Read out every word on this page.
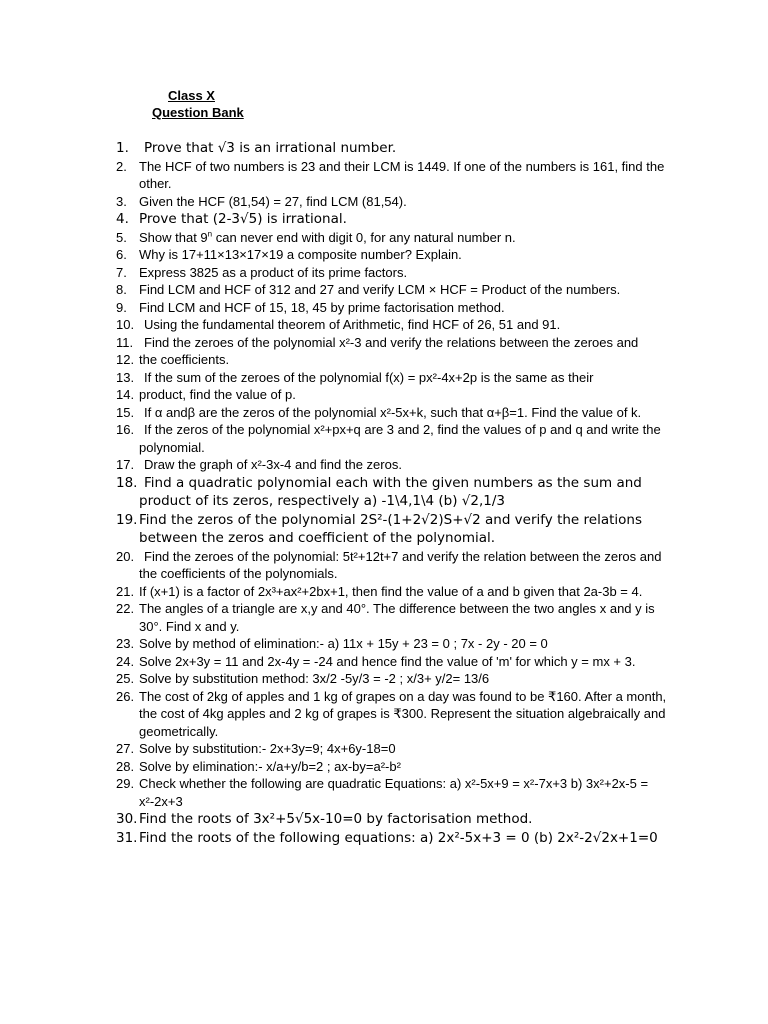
Class X

Question Bank

1. Prove that √3 is an irrational number.
2. The HCF of two numbers is 23 and their LCM is 1449. If one of the numbers is 161, find the other.
3. Given the HCF (81,54) = 27, find LCM (81,54).
4. Prove that (2-3√5) is irrational.
5. Show that 9$^n$ can never end with digit 0, for any natural number n.
6. Why is 17+11×13×17×19 a composite number? Explain.
7. Express 3825 as a product of its prime factors.
8. Find LCM and HCF of 312 and 27 and verify LCM × HCF = Product of the numbers.
9. Find LCM and HCF of 15, 18, 45 by prime factorisation method.
10. Using the fundamental theorem of Arithmetic, find HCF of 26, 51 and 91.
11. Find the zeroes of the polynomial x²-3 and verify the relations between the zeroes and
12. the coefficients.
13. If the sum of the zeroes of the polynomial f(x) = px²-4x+2p is the same as their
14. product, find the value of p.
15. If α andβ are the zeros of the polynomial x²-5x+k, such that α+β=1. Find the value of k.
16. If the zeros of the polynomial x²+px+q are 3 and 2, find the values of p and q and write the polynomial.
17. Draw the graph of x²-3x-4 and find the zeros.
18. Find a quadratic polynomial each with the given numbers as the sum and product of its zeros, respectively a) -1\4,1\4 (b) √2,1/3
19. Find the zeros of the polynomial 2S²-(1+2√2)S+√2 and verify the relations between the zeros and coefficient of the polynomial.
20. Find the zeroes of the polynomial: 5t²+12t+7 and verify the relation between the zeros and the coefficients of the polynomials.
21. If (x+1) is a factor of 2x³+ax²+2bx+1, then find the value of a and b given that 2a-3b = 4.
22. The angles of a triangle are x,y and 40°. The difference between the two angles x and y is 30°. Find x and y.
23. Solve by method of elimination:- a) 11x + 15y + 23 = 0 ; 7x - 2y - 20 = 0
24. Solve 2x+3y = 11 and 2x-4y = -24 and hence find the value of 'm' for which y = mx + 3.
25. Solve by substitution method: 3x/2 -5y/3 = -2 ; x/3+ y/2= 13/6
26. The cost of 2kg of apples and 1 kg of grapes on a day was found to be ₹160. After a month, the cost of 4kg apples and 2 kg of grapes is ₹300. Represent the situation algebraically and geometrically.
27. Solve by substitution:- 2x+3y=9; 4x+6y-18=0
28. Solve by elimination:- x/a+y/b=2 ; ax-by=a²-b²
29. Check whether the following are quadratic Equations: a) x²-5x+9 = x²-7x+3 b) 3x²+2x-5 = x²-2x+3
30. Find the roots of 3x²+5√5x-10=0 by factorisation method.
31. Find the roots of the following equations: a) 2x²-5x+3 = 0 (b) 2x²-2√2x+1=0
